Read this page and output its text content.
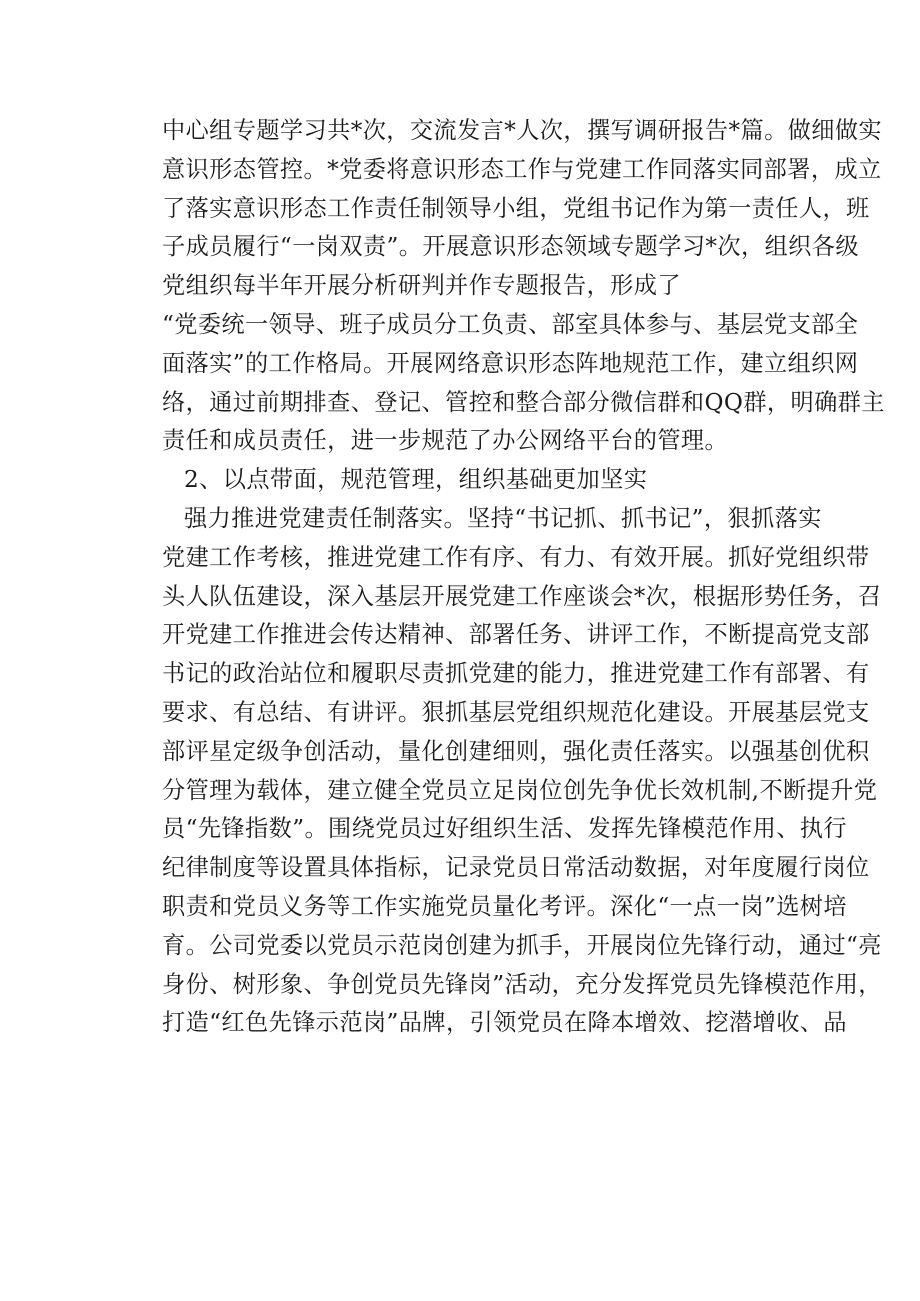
中心组专题学习共*次，交流发言*人次，撰写调研报告*篇。做细做实
意识形态管控。*党委将意识形态工作与党建工作同落实同部署，成立
了落实意识形态工作责任制领导小组，党组书记作为第一责任人，班
子成员履行“一岗双责”。开展意识形态领域专题学习*次，组织各级
党组织每半年开展分析研判并作专题报告，形成了
“党委统一领导、班子成员分工负责、部室具体参与、基层党支部全
面落实”的工作格局。开展网络意识形态阵地规范工作，建立组织网
络，通过前期排查、登记、管控和整合部分微信群和QQ群，明确群主
责任和成员责任，进一步规范了办公网络平台的管理。
2、以点带面，规范管理，组织基础更加坚实
强力推进党建责任制落实。坚持“书记抓、抓书记”，狠抓落实
党建工作考核，推进党建工作有序、有力、有效开展。抓好党组织带
头人队伍建设，深入基层开展党建工作座谈会*次，根据形势任务，召
开党建工作推进会传达精神、部署任务、讲评工作，不断提高党支部
书记的政治站位和履职尽责抓党建的能力，推进党建工作有部署、有
要求、有总结、有讲评。狠抓基层党组织规范化建设。开展基层党支
部评星定级争创活动，量化创建细则，强化责任落实。以强基创优积
分管理为载体，建立健全党员立足岗位创先争优长效机制,不断提升党
员“先锋指数”。围绕党员过好组织生活、发挥先锋模范作用、执行
纪律制度等设置具体指标，记录党员日常活动数据，对年度履行岗位
职责和党员义务等工作实施党员量化考评。深化“一点一岗”选树培
育。公司党委以党员示范岗创建为抓手，开展岗位先锋行动，通过“亮
身份、树形象、争创党员先锋岗”活动，充分发挥党员先锋模范作用，
打造“红色先锋示范岗”品牌，引领党员在降本增效、挖潜增收、品
